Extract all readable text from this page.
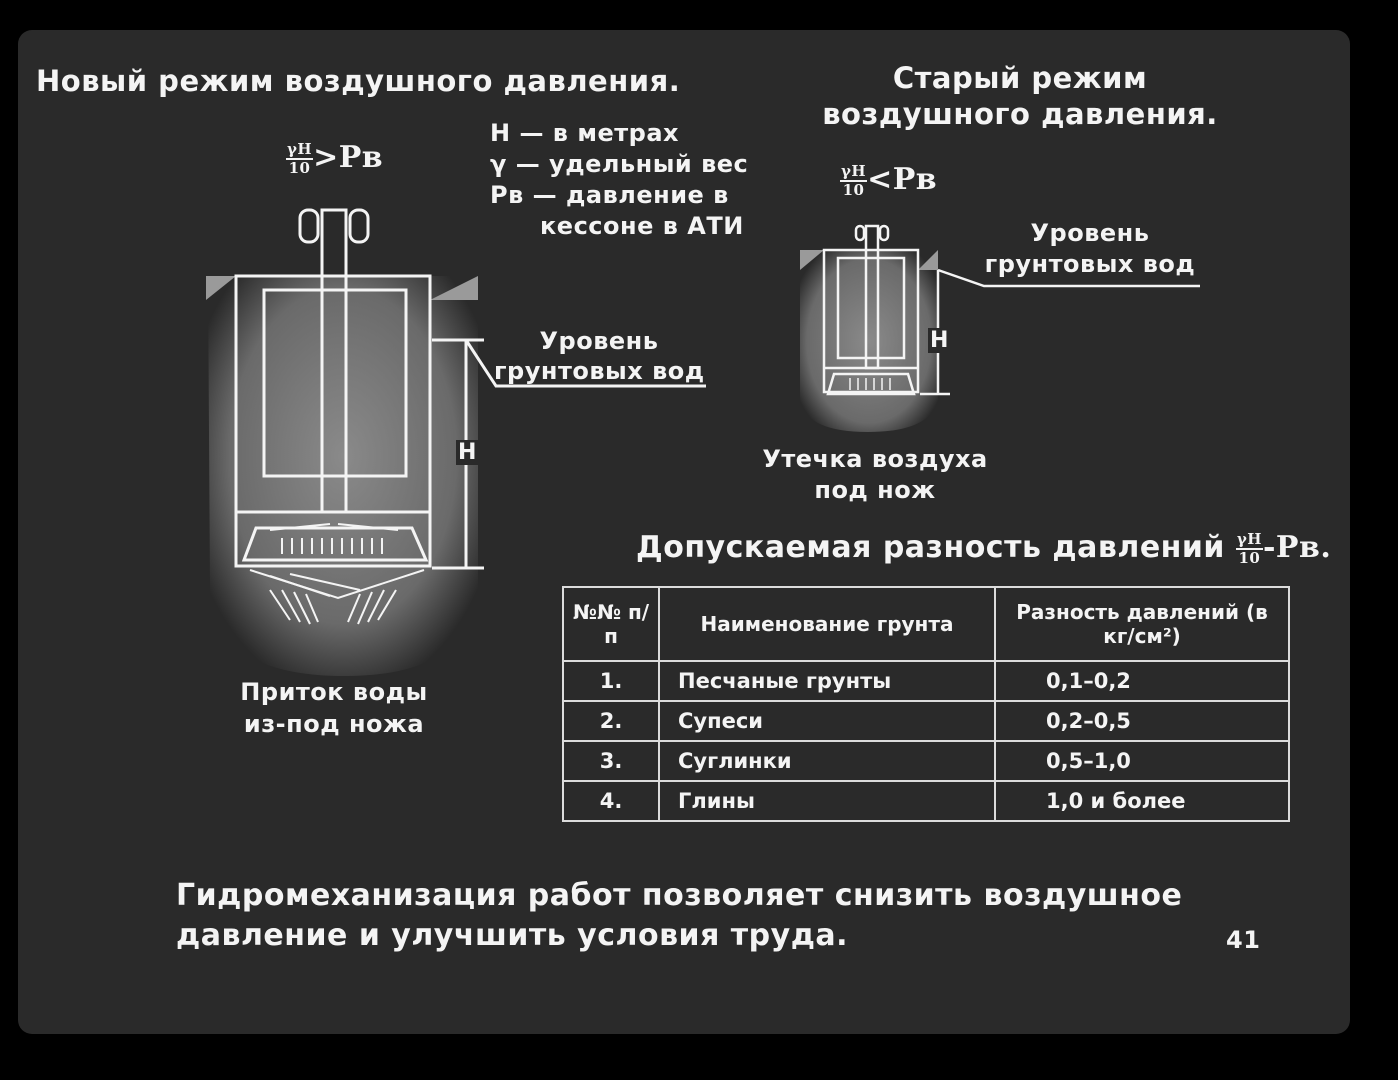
Новый режим воздушного давления.
$\frac{\gamma H}{10} >Pв$
Уровень
грунтовых вод
H
Приток воды
из-под ножа
H — в метрах
γ — удельный вес
Pв — давление в
кессоне в АТИ
Старый режим
воздушного давления.
$\frac{\gamma H}{10} <Pв$
Уровень
грунтовых вод
H
Утечка воздуха
под нож
Допускаемая разность давлений $\frac{\gamma H}{10} -Pв$.
№№ п/п	Наименование грунта	Разность давлений (в кг/см²)
1.	Песчаные грунты	0,1–0,2
2.	Супеси	0,2–0,5
3.	Суглинки	0,5–1,0
4.	Глины	1,0 и более
Гидромеханизация работ позволяет снизить воздушное
давление и улучшить условия труда.	41
